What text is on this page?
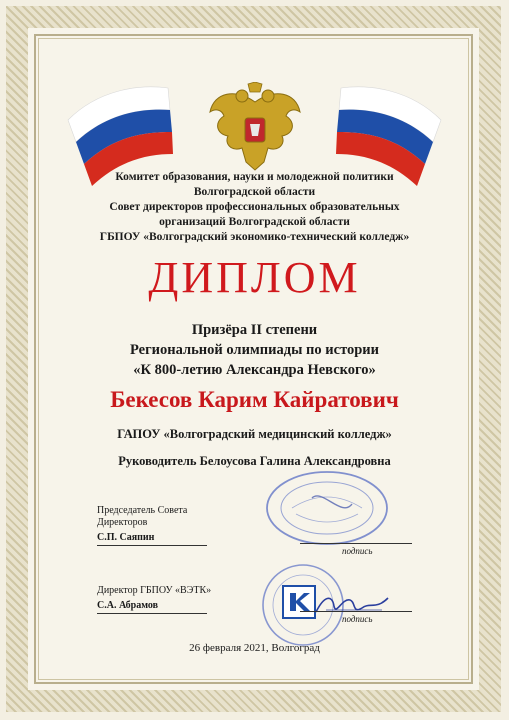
Комитет образования, науки и молодежной политики
Волгоградской области
Совет директоров профессиональных образовательных
организаций Волгоградской области
ГБПОУ «Волгоградский экономико-технический колледж»
ДИПЛОМ
Призёра II степени
Региональной олимпиады по истории
«К 800-летию Александра Невского»
Бекесов Карим Кайратович
ГАПОУ «Волгоградский медицинский колледж»
Руководитель Белоусова Галина Александровна
Председатель Совета
Директоров
С.П. Саяпин
подпись
Директор ГБПОУ «ВЭТК»
С.А. Абрамов
подпись
26 февраля 2021, Волгоград
